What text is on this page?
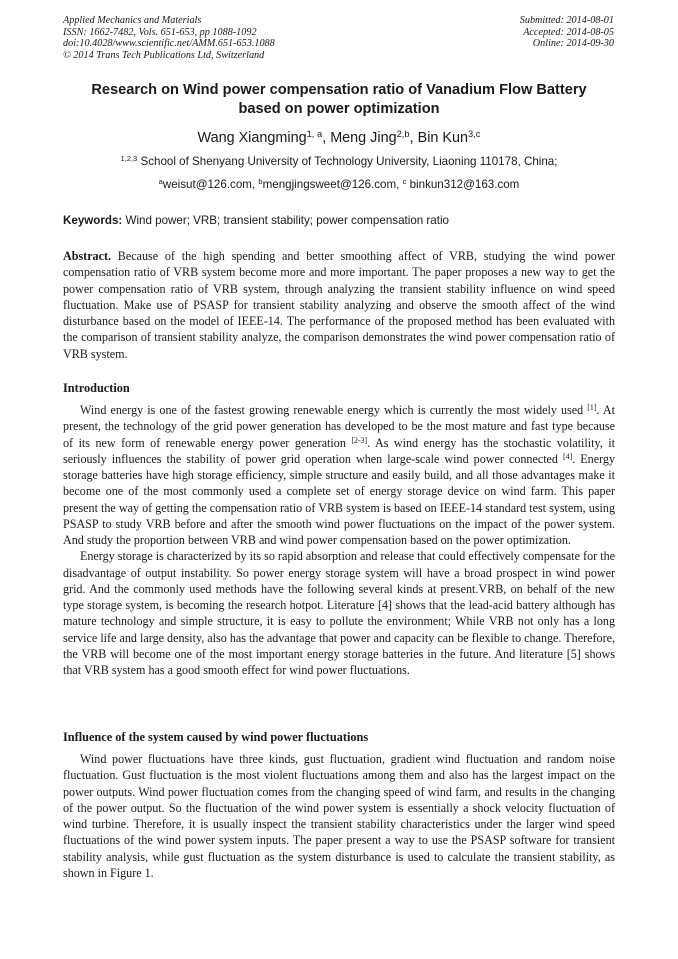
Applied Mechanics and Materials
ISSN: 1662-7482, Vols. 651-653, pp 1088-1092
doi:10.4028/www.scientific.net/AMM.651-653.1088
© 2014 Trans Tech Publications Ltd, Switzerland
Submitted: 2014-08-01
Accepted: 2014-08-05
Online: 2014-09-30
Research on Wind power compensation ratio of Vanadium Flow Battery
based on power optimization
Wang Xiangming$^{1, a}$, Meng Jing$^{2,b}$, Bin Kun$^{3,c}$
$^{1,2,3}$ School of Shenyang University of Technology University, Liaoning 110178, China;
$^a$weisut@126.com, $^b$mengjingsweet@126.com, $^c$ binkun312@163.com
Keywords: Wind power; VRB; transient stability; power compensation ratio

Abstract. Because of the high spending and better smoothing affect of VRB, studying the wind power compensation ratio of VRB system become more and more important. The paper proposes a new way to get the power compensation ratio of VRB system, through analyzing the transient stability influence on wind speed fluctuation. Make use of PSASP for transient stability analyzing and observe the smooth affect of the wind disturbance based on the model of IEEE-14. The performance of the proposed method has been evaluated with the comparison of transient stability analyze, the comparison demonstrates the wind power compensation ratio of VRB system.

Introduction

Wind energy is one of the fastest growing renewable energy which is currently the most widely used [1]. At present, the technology of the grid power generation has developed to be the most mature and fast type because of its new form of renewable energy power generation [2-3]. As wind energy has the stochastic volatility, it seriously influences the stability of power grid operation when large-scale wind power connected [4]. Energy storage batteries have high storage efficiency, simple structure and easily build, and all those advantages make it become one of the most commonly used a complete set of energy storage device on wind farm. This paper present the way of getting the compensation ratio of VRB system is based on IEEE-14 standard test system, using PSASP to study VRB before and after the smooth wind power fluctuations on the impact of the power system. And study the proportion between VRB and wind power compensation based on the power optimization.

Energy storage is characterized by its so rapid absorption and release that could effectively compensate for the disadvantage of output instability. So power energy storage system will have a broad prospect in wind power grid. And the commonly used methods have the following several kinds at present.VRB, on behalf of the new type storage system, is becoming the research hotpot. Literature [4] shows that the lead-acid battery although has mature technology and simple structure, it is easy to pollute the environment; While VRB not only has a long service life and large density, also has the advantage that power and capacity can be flexible to change. Therefore, the VRB will become one of the most important energy storage batteries in the future. And literature [5] shows that VRB system has a good smooth effect for wind power fluctuations.

Influence of the system caused by wind power fluctuations

Wind power fluctuations have three kinds, gust fluctuation, gradient wind fluctuation and random noise fluctuation. Gust fluctuation is the most violent fluctuations among them and also has the largest impact on the power outputs. Wind power fluctuation comes from the changing speed of wind farm, and results in the changing of the power output. So the fluctuation of the wind power system is essentially a shock velocity fluctuation of wind turbine. Therefore, it is usually inspect the transient stability characteristics under the larger wind speed fluctuations of the wind power system inputs. The paper present a way to use the PSASP software for transient stability analysis, while gust fluctuation as the system disturbance is used to calculate the transient stability, as shown in Figure 1.
